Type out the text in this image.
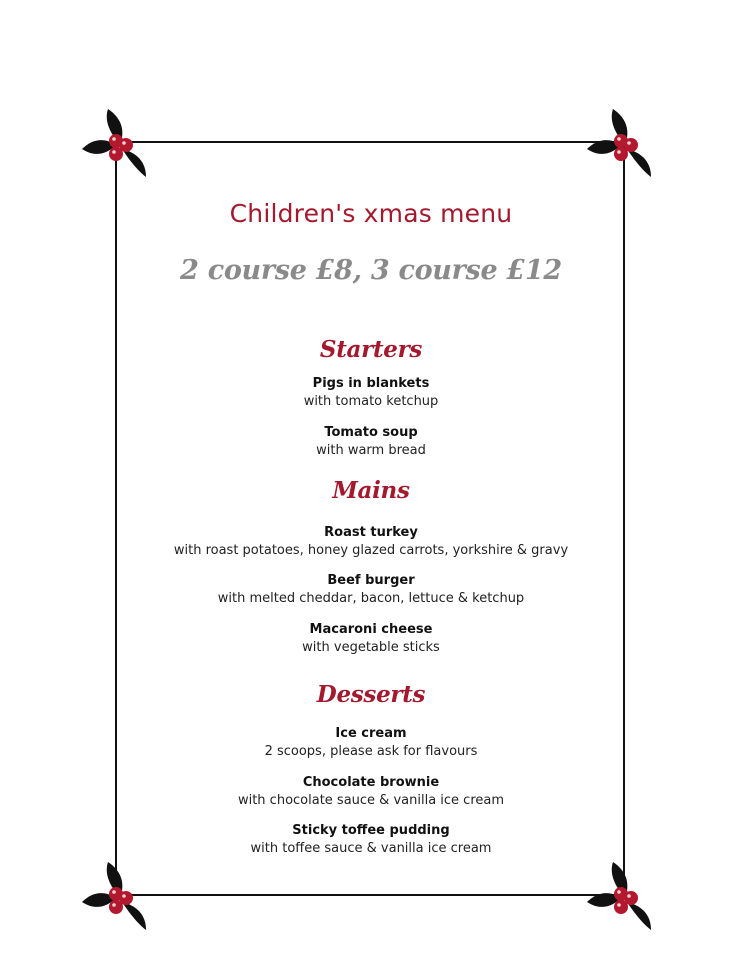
Children's xmas menu
2 course £8, 3 course £12
Starters
Pigs in blankets
with tomato ketchup
Tomato soup
with warm bread
Mains
Roast turkey
with roast potatoes, honey glazed carrots, yorkshire & gravy
Beef burger
with melted cheddar, bacon, lettuce & ketchup
Macaroni cheese
with vegetable sticks
Desserts
Ice cream
2 scoops, please ask for flavours
Chocolate brownie
with chocolate sauce & vanilla ice cream
Sticky toffee pudding
with toffee sauce & vanilla ice cream
